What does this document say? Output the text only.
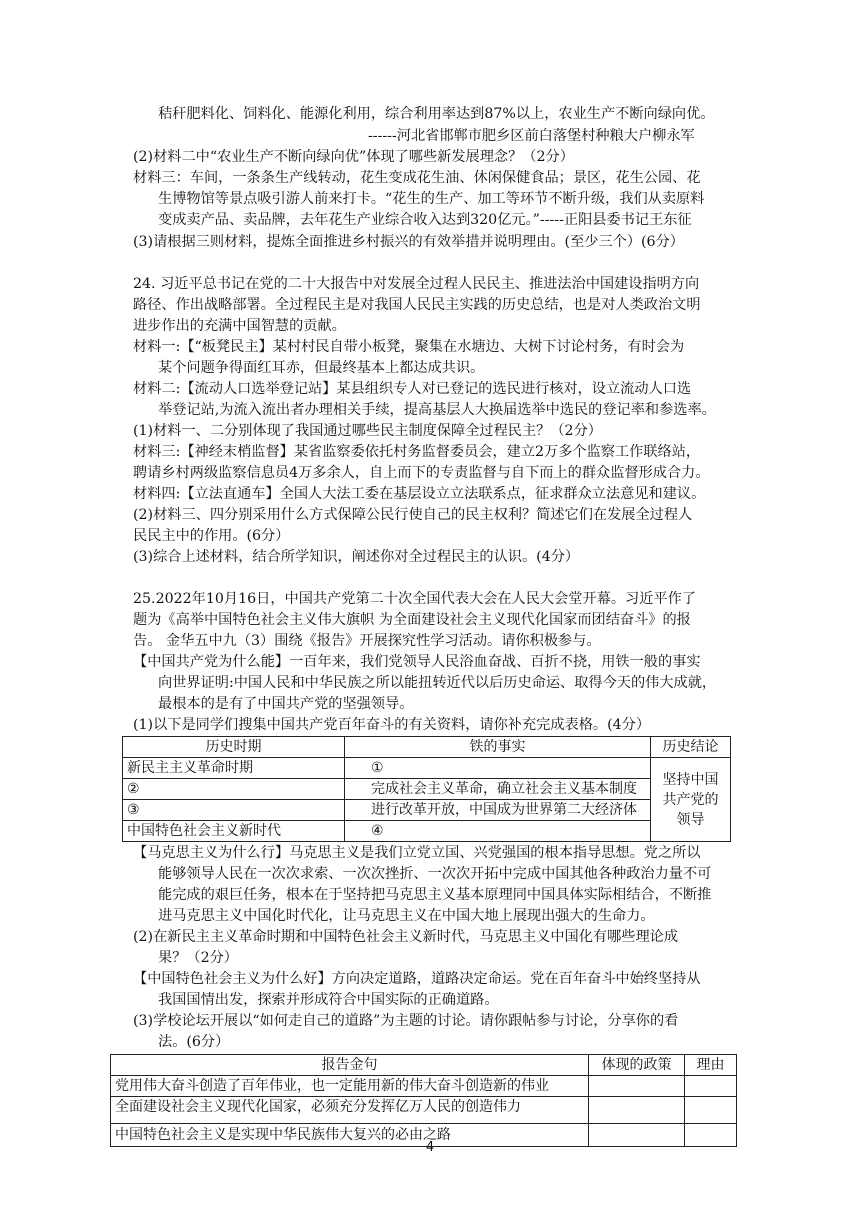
秸秆肥料化、饲料化、能源化利用，综合利用率达到87%以上，农业生产不断向绿向优。
------河北省邯郸市肥乡区前白落堡村种粮大户柳永军
(2)材料二中“农业生产不断向绿向优”体现了哪些新发展理念？（2分）
材料三：车间，一条条生产线转动，花生变成花生油、休闲保健食品；景区，花生公园、花
生博物馆等景点吸引游人前来打卡。“花生的生产、加工等环节不断升级，我们从卖原料
变成卖产品、卖品牌，去年花生产业综合收入达到320亿元。”-----正阳县委书记王东征
(3)请根据三则材料，提炼全面推进乡村振兴的有效举措并说明理由。(至少三个）(6分）
24. 习近平总书记在党的二十大报告中对发展全过程人民民主、推进法治中国建设指明方向
路径、作出战略部署。全过程民主是对我国人民民主实践的历史总结，也是对人类政治文明
进步作出的充满中国智慧的贡献。
材料一:【“板凳民主】某村村民自带小板凳，聚集在水塘边、大树下讨论村务，有时会为
某个问题争得面红耳赤，但最终基本上都达成共识。
材料二:【流动人口选举登记站】某县组织专人对已登记的选民进行核对，设立流动人口选
举登记站,为流入流出者办理相关手续，提高基层人大换届选举中选民的登记率和参选率。
(1)材料一、二分别体现了我国通过哪些民主制度保障全过程民主？（2分）
材料三:【神经末梢监督】某省监察委依托村务监督委员会，建立2万多个监察工作联络站，
聘请乡村两级监察信息员4万多余人，自上而下的专责监督与自下而上的群众监督形成合力。
材料四:【立法直通车】全国人大法工委在基层设立立法联系点，征求群众立法意见和建议。
(2)材料三、四分别采用什么方式保障公民行使自己的民主权利？简述它们在发展全过程人
民民主中的作用。(6分）
(3)综合上述材料，结合所学知识，阐述你对全过程民主的认识。(4分）
25.2022年10月16日，中国共产党第二十次全国代表大会在人民大会堂开幕。习近平作了
题为《高举中国特色社会主义伟大旗帜 为全面建设社会主义现代化国家而团结奋斗》的报
告。 金华五中九（3）围绕《报告》开展探究性学习活动。请你积极参与。
【中国共产党为什么能】一百年来，我们党领导人民浴血奋战、百折不挠，用铁一般的事实
向世界证明:中国人民和中华民族之所以能扭转近代以后历史命运、取得今天的伟大成就，
最根本的是有了中国共产党的坚强领导。
(1)以下是同学们搜集中国共产党百年奋斗的有关资料，请你补充完成表格。(4分）
历史时期	铁的事实	历史结论
新民主主义革命时期	①	坚持中国
共产党的
领导

②	完成社会主义革命，确立社会主义基本制度	
③	进行改革开放，中国成为世界第二大经济体	
中国特色社会主义新时代	④	
【马克思主义为什么行】马克思主义是我们立党立国、兴党强国的根本指导思想。党之所以
能够领导人民在一次次求索、一次次挫折、一次次开拓中完成中国其他各种政治力量不可
能完成的艰巨任务，根本在于坚持把马克思主义基本原理同中国具体实际相结合，不断推
进马克思主义中国化时代化，让马克思主义在中国大地上展现出强大的生命力。
(2)在新民主主义革命时期和中国特色社会主义新时代，马克思主义中国化有哪些理论成
果？（2分）
【中国特色社会主义为什么好】方向决定道路，道路决定命运。党在百年奋斗中始终坚持从
我国国情出发，探索并形成符合中国实际的正确道路。
(3)学校论坛开展以“如何走自己的道路”为主题的讨论。请你跟帖参与讨论，分享你的看
法。(6分）
报告金句	体现的政策	理由
党用伟大奋斗创造了百年伟业，也一定能用新的伟大奋斗创造新的伟业		
全面建设社会主义现代化国家，必须充分发挥亿万人民的创造伟力		
中国特色社会主义是实现中华民族伟大复兴的必由之路		
4
